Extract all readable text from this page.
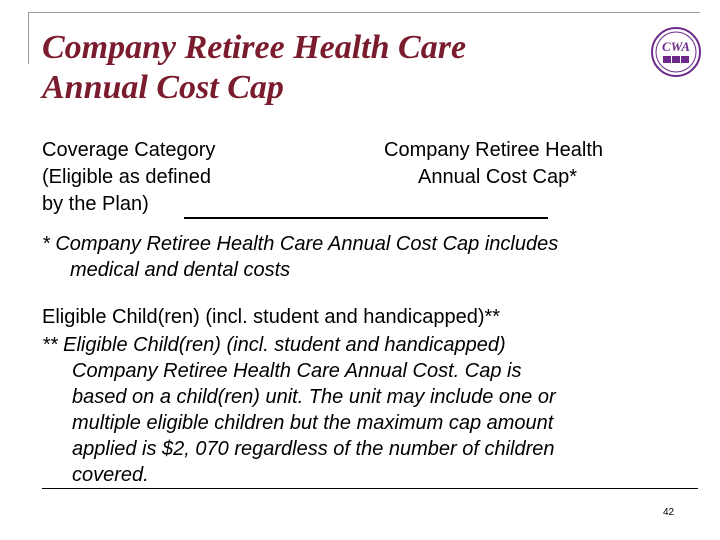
Company Retiree Health Care
Annual Cost Cap
CWA
Coverage Category
(Eligible as defined
by the Plan)
Company Retiree Health
Annual Cost Cap*
* Company Retiree Health Care Annual Cost Cap includes
medical and dental costs
Eligible Child(ren) (incl. student and handicapped)**
** Eligible Child(ren) (incl. student and handicapped)
Company Retiree Health Care Annual Cost. Cap is
based on a child(ren) unit. The unit may include one or
multiple eligible children but the maximum cap amount
applied is $2, 070 regardless of the number of children
covered.
42
